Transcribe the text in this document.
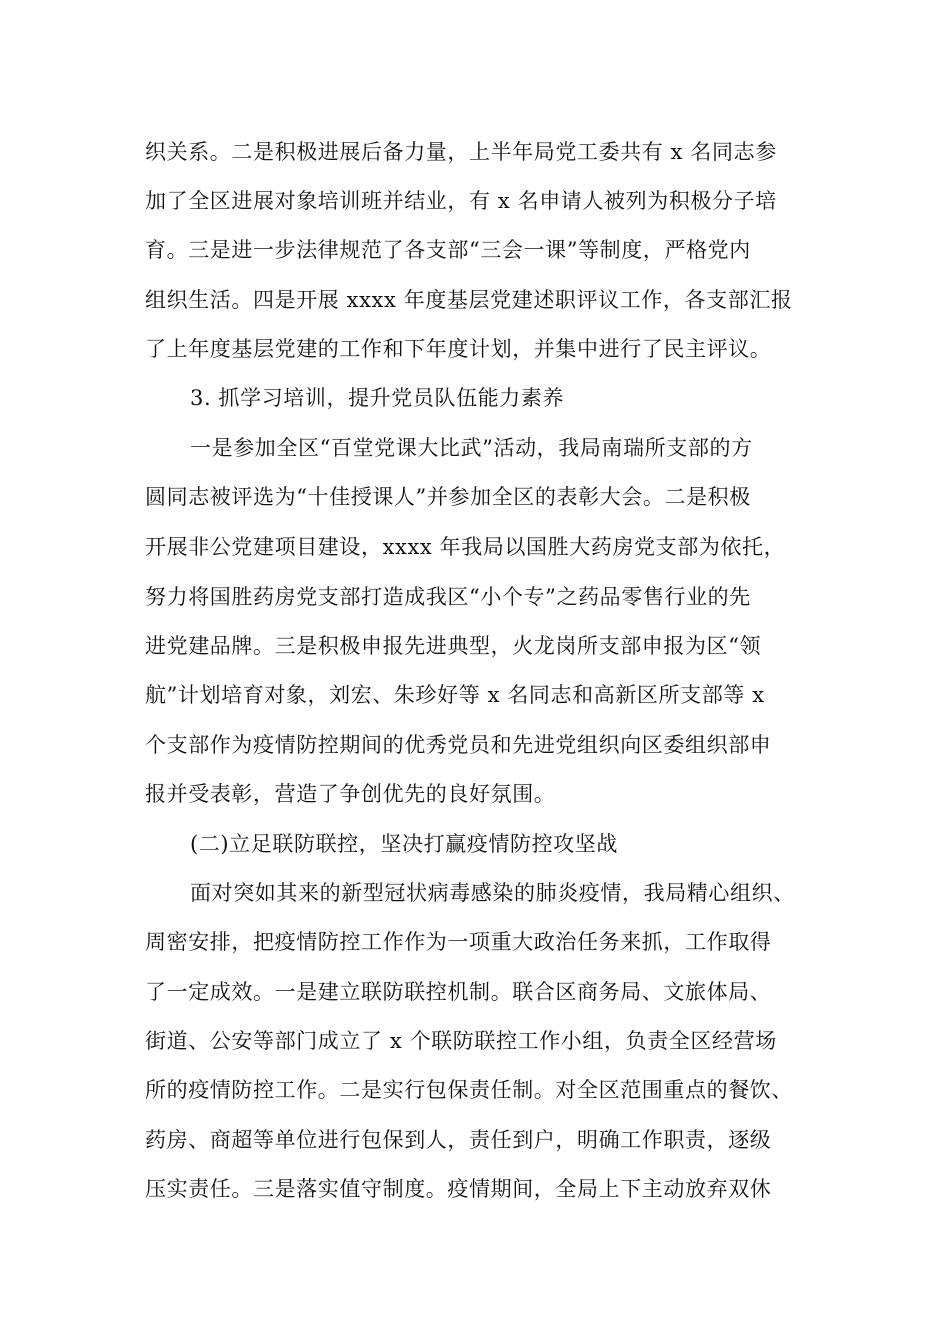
织关系。二是积极进展后备力量，上半年局党工委共有 x 名同志参
加了全区进展对象培训班并结业，有 x 名申请人被列为积极分子培
育。三是进一步法律规范了各支部“三会一课”等制度，严格党内
组织生活。四是开展 xxxx 年度基层党建述职评议工作，各支部汇报
了上年度基层党建的工作和下年度计划，并集中进行了民主评议。
3. 抓学习培训，提升党员队伍能力素养
一是参加全区“百堂党课大比武”活动，我局南瑞所支部的方
圆同志被评选为“十佳授课人”并参加全区的表彰大会。二是积极
开展非公党建项目建设，xxxx 年我局以国胜大药房党支部为依托，
努力将国胜药房党支部打造成我区“小个专”之药品零售行业的先
进党建品牌。三是积极申报先进典型，火龙岗所支部申报为区“领
航”计划培育对象，刘宏、朱珍好等 x 名同志和高新区所支部等 x
个支部作为疫情防控期间的优秀党员和先进党组织向区委组织部申
报并受表彰，营造了争创优先的良好氛围。
(二)立足联防联控，坚决打赢疫情防控攻坚战
面对突如其来的新型冠状病毒感染的肺炎疫情，我局精心组织、
周密安排，把疫情防控工作作为一项重大政治任务来抓，工作取得
了一定成效。一是建立联防联控机制。联合区商务局、文旅体局、
街道、公安等部门成立了 x 个联防联控工作小组，负责全区经营场
所的疫情防控工作。二是实行包保责任制。对全区范围重点的餐饮、
药房、商超等单位进行包保到人，责任到户，明确工作职责，逐级
压实责任。三是落实值守制度。疫情期间，全局上下主动放弃双休
